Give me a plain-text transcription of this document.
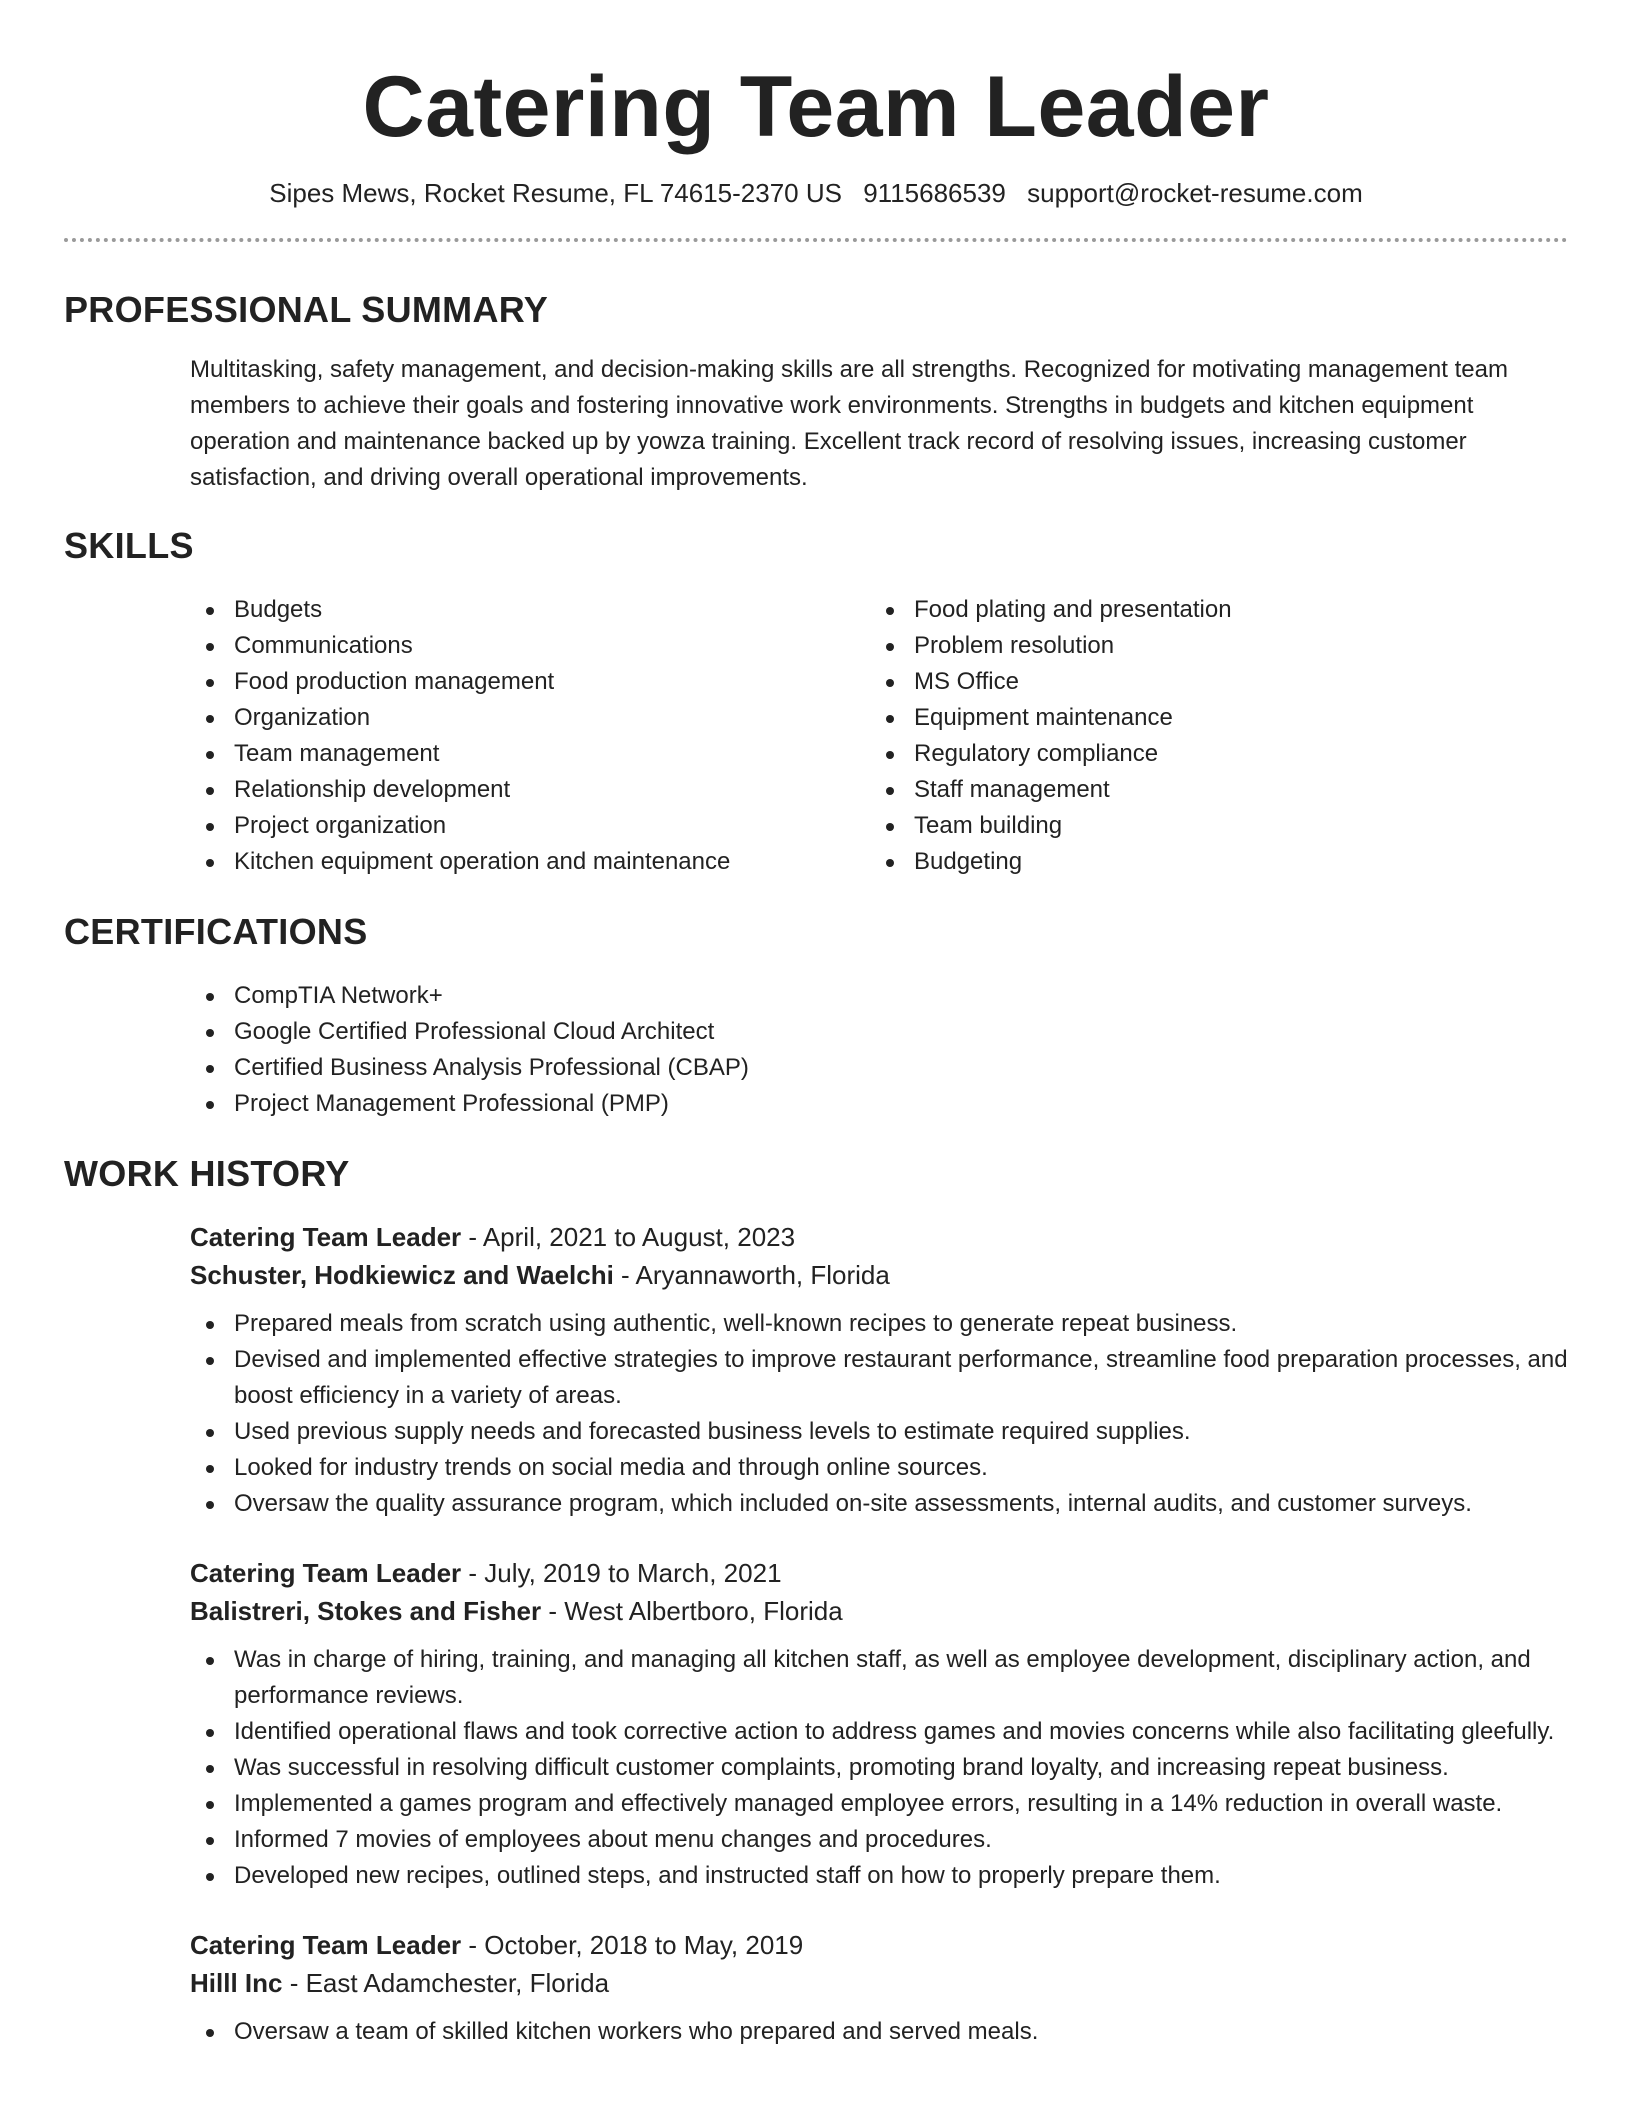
Catering Team Leader
Sipes Mews, Rocket Resume, FL 74615-2370 US 9115686539 support@rocket-resume.com
PROFESSIONAL SUMMARY
Multitasking, safety management, and decision-making skills are all strengths. Recognized for motivating management team members to achieve their goals and fostering innovative work environments. Strengths in budgets and kitchen equipment operation and maintenance backed up by yowza training. Excellent track record of resolving issues, increasing customer satisfaction, and driving overall operational improvements.
SKILLS
Budgets
Communications
Food production management
Organization
Team management
Relationship development
Project organization
Kitchen equipment operation and maintenance
Food plating and presentation
Problem resolution
MS Office
Equipment maintenance
Regulatory compliance
Staff management
Team building
Budgeting
CERTIFICATIONS
CompTIA Network+
Google Certified Professional Cloud Architect
Certified Business Analysis Professional (CBAP)
Project Management Professional (PMP)
WORK HISTORY
Catering Team Leader - April, 2021 to August, 2023
Schuster, Hodkiewicz and Waelchi - Aryannaworth, Florida
Prepared meals from scratch using authentic, well-known recipes to generate repeat business.
Devised and implemented effective strategies to improve restaurant performance, streamline food preparation processes, and boost efficiency in a variety of areas.
Used previous supply needs and forecasted business levels to estimate required supplies.
Looked for industry trends on social media and through online sources.
Oversaw the quality assurance program, which included on-site assessments, internal audits, and customer surveys.
Catering Team Leader - July, 2019 to March, 2021
Balistreri, Stokes and Fisher - West Albertboro, Florida
Was in charge of hiring, training, and managing all kitchen staff, as well as employee development, disciplinary action, and performance reviews.
Identified operational flaws and took corrective action to address games and movies concerns while also facilitating gleefully.
Was successful in resolving difficult customer complaints, promoting brand loyalty, and increasing repeat business.
Implemented a games program and effectively managed employee errors, resulting in a 14% reduction in overall waste.
Informed 7 movies of employees about menu changes and procedures.
Developed new recipes, outlined steps, and instructed staff on how to properly prepare them.
Catering Team Leader - October, 2018 to May, 2019
Hilll Inc - East Adamchester, Florida
Oversaw a team of skilled kitchen workers who prepared and served meals.
